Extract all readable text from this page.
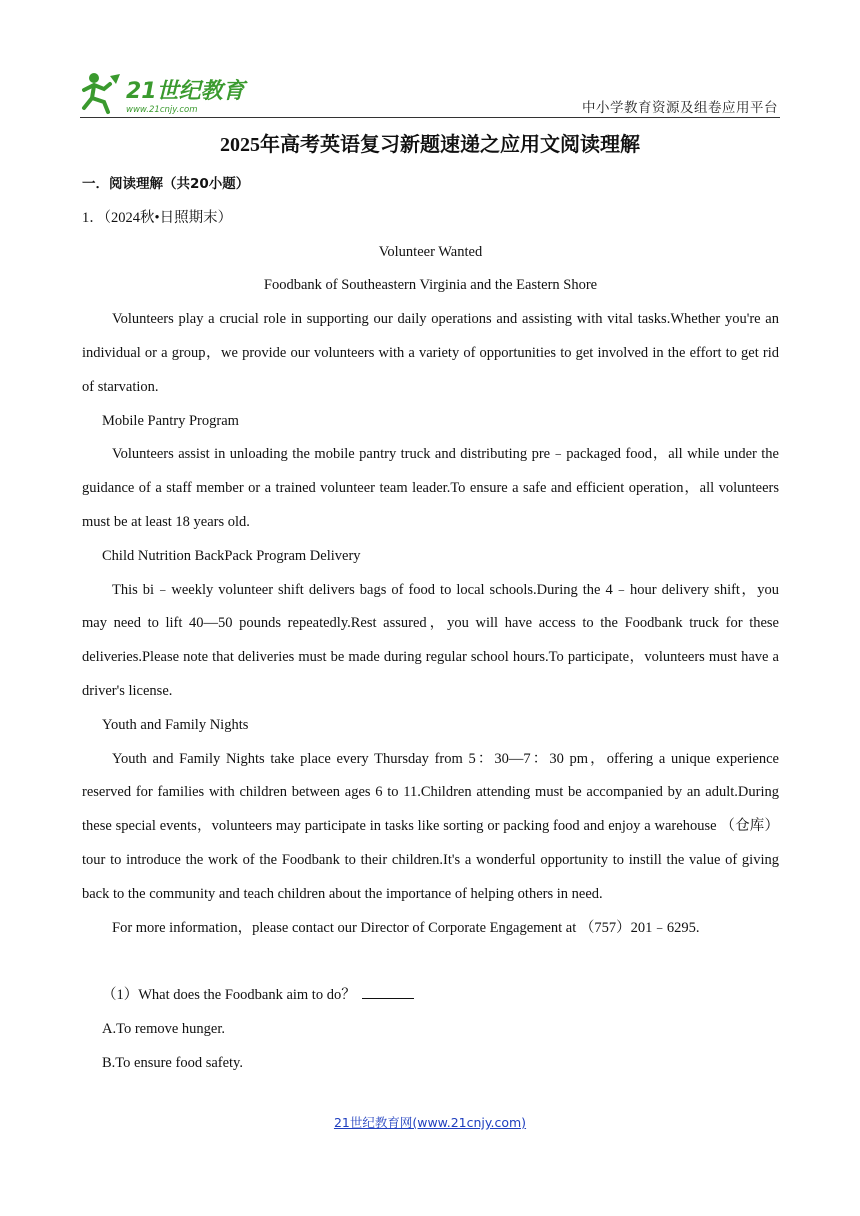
21世纪教育
www.21cnjy.com	中小学教育资源及组卷应用平台
2025年高考英语复习新题速递之应用文阅读理解

一．阅读理解（共20小题）

1．（2024秋•日照期末）

Volunteer Wanted

Foodbank of Southeastern Virginia and the Eastern Shore

Volunteers play a crucial role in supporting our daily operations and assisting with vital tasks.Whether you're an individual or a group，we provide our volunteers with a variety of opportunities to get involved in the effort to get rid of starvation.

Mobile Pantry Program

Volunteers assist in unloading the mobile pantry truck and distributing pre﹣packaged food，all while under the guidance of a staff member or a trained volunteer team leader.To ensure a safe and efficient operation，all volunteers must be at least 18 years old.

Child Nutrition BackPack Program Delivery

This bi﹣weekly volunteer shift delivers bags of food to local schools.During the 4﹣hour delivery shift，you may need to lift 40—50 pounds repeatedly.Rest assured，you will have access to the Foodbank truck for these deliveries.Please note that deliveries must be made during regular school hours.To participate，volunteers must have a driver's license.

Youth and Family Nights

Youth and Family Nights take place every Thursday from 5：30—7：30 pm，offering a unique experience reserved for families with children between ages 6 to 11.Children attending must be accompanied by an adult.During these special events，volunteers may participate in tasks like sorting or packing food and enjoy a warehouse （仓库） tour to introduce the work of the Foodbank to their children.It's a wonderful opportunity to instill the value of giving back to the community and teach children about the importance of helping others in need.

For more information，please contact our Director of Corporate Engagement at （757）201﹣6295.

（1）What does the Foodbank aim to do？

A.To remove hunger.

B.To ensure food safety.

21世纪教育网(www.21cnjy.com)
